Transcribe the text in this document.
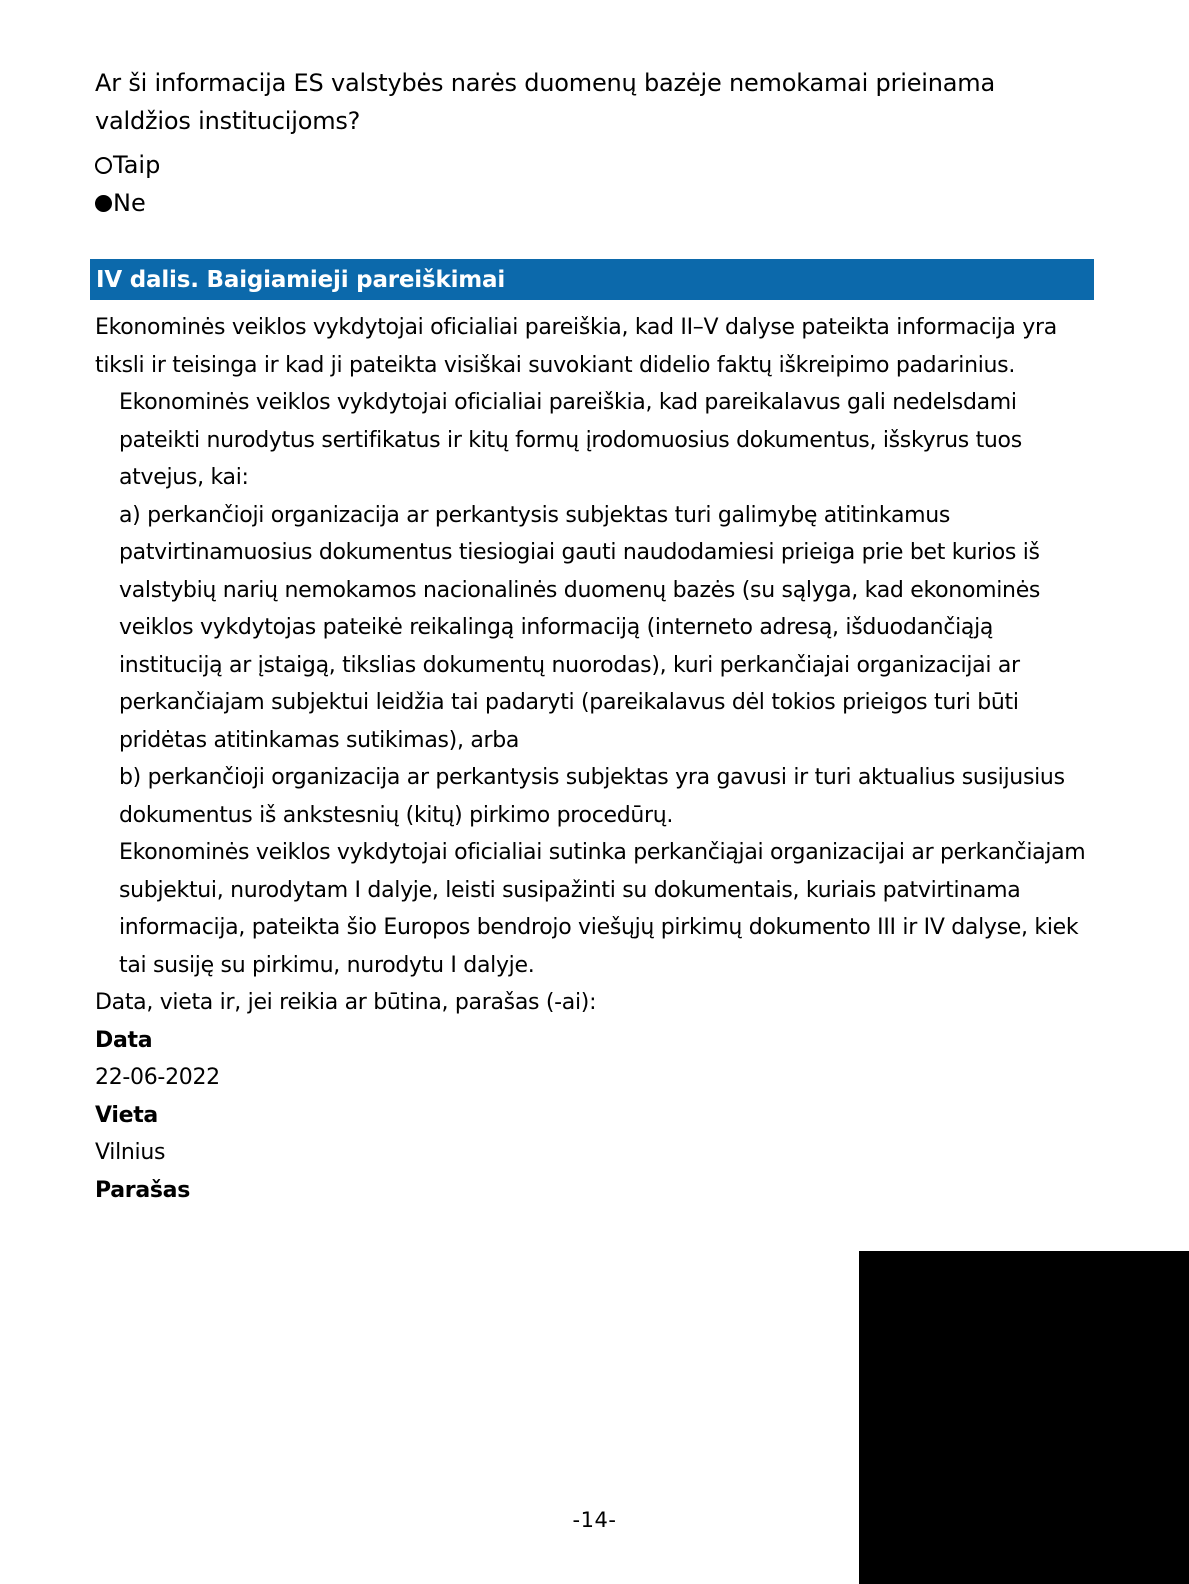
Ar ši informacija ES valstybės narės duomenų bazėje nemokamai prieinama valdžios institucijoms?
Taip
Ne
IV dalis. Baigiamieji pareiškimai
Ekonominės veiklos vykdytojai oficialiai pareiškia, kad II–V dalyse pateikta informacija yra tiksli ir teisinga ir kad ji pateikta visiškai suvokiant didelio faktų iškreipimo padarinius.
Ekonominės veiklos vykdytojai oficialiai pareiškia, kad pareikalavus gali nedelsdami pateikti nurodytus sertifikatus ir kitų formų įrodomuosius dokumentus, išskyrus tuos atvejus, kai:
a) perkančioji organizacija ar perkantysis subjektas turi galimybę atitinkamus patvirtinamuosius dokumentus tiesiogiai gauti naudodamiesi prieiga prie bet kurios iš valstybių narių nemokamos nacionalinės duomenų bazės (su sąlyga, kad ekonominės veiklos vykdytojas pateikė reikalingą informaciją (interneto adresą, išduodančiąją instituciją ar įstaigą, tikslias dokumentų nuorodas), kuri perkančiajai organizacijai ar perkančiajam subjektui leidžia tai padaryti (pareikalavus dėl tokios prieigos turi būti pridėtas atitinkamas sutikimas), arba
b) perkančioji organizacija ar perkantysis subjektas yra gavusi ir turi aktualius susijusius dokumentus iš ankstesnių (kitų) pirkimo procedūrų.
Ekonominės veiklos vykdytojai oficialiai sutinka perkančiąjai organizacijai ar perkančiajam subjektui, nurodytam I dalyje, leisti susipažinti su dokumentais, kuriais patvirtinama informacija, pateikta šio Europos bendrojo viešųjų pirkimų dokumento III ir IV dalyse, kiek tai susiję su pirkimu, nurodytu I dalyje.
Data, vieta ir, jei reikia ar būtina, parašas (-ai):
Data
22-06-2022
Vieta
Vilnius
Parašas
-14-
